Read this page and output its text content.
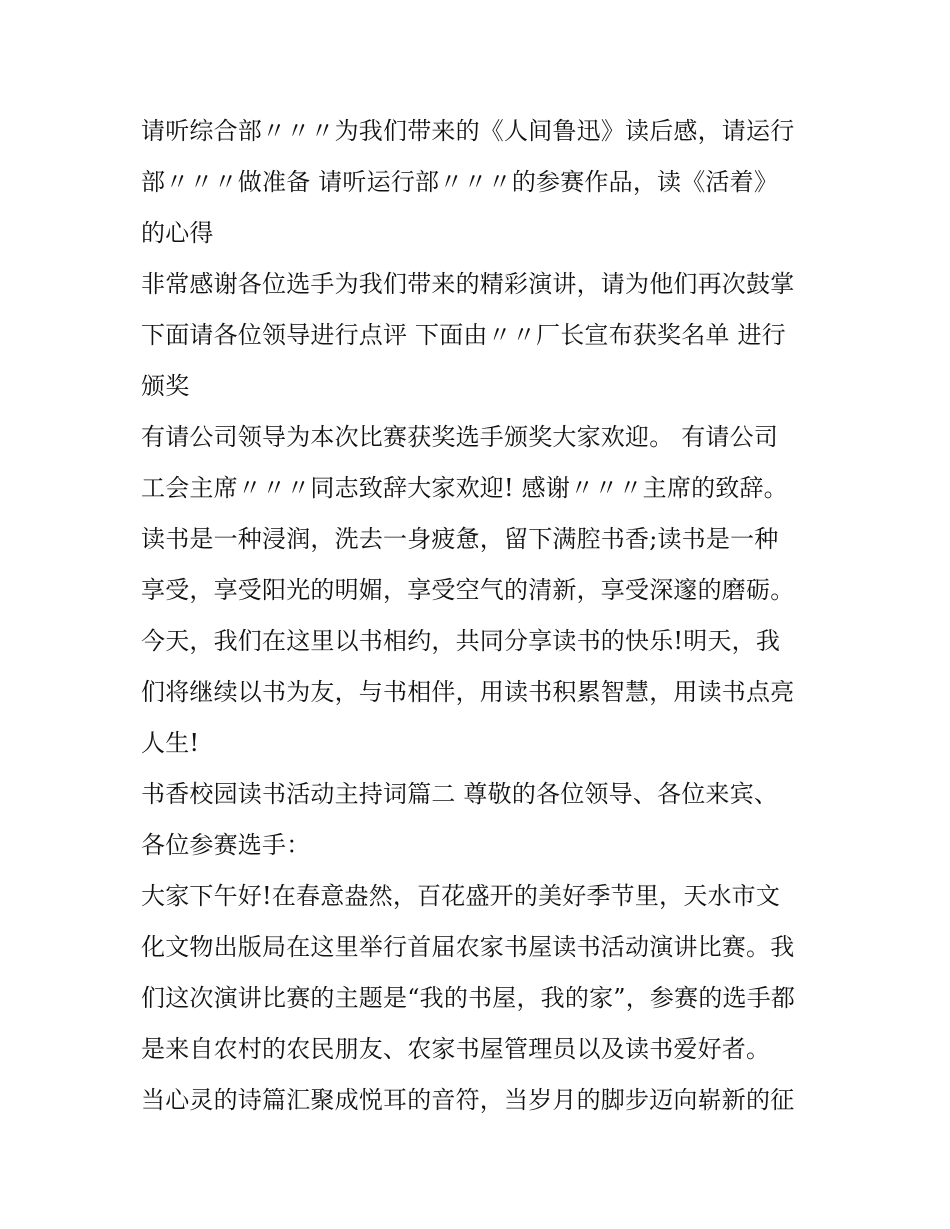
请听综合部〃〃〃为我们带来的《人间鲁迅》读后感，请运行
部〃〃〃做准备 请听运行部〃〃〃的参赛作品，读《活着》
的心得
非常感谢各位选手为我们带来的精彩演讲，请为他们再次鼓掌
下面请各位领导进行点评 下面由〃〃厂长宣布获奖名单 进行
颁奖
有请公司领导为本次比赛获奖选手颁奖大家欢迎。 有请公司
工会主席〃〃〃同志致辞大家欢迎! 感谢〃〃〃主席的致辞。
读书是一种浸润，洗去一身疲惫，留下满腔书香;读书是一种
享受，享受阳光的明媚，享受空气的清新，享受深邃的磨砺。
今天，我们在这里以书相约，共同分享读书的快乐!明天，我
们将继续以书为友，与书相伴，用读书积累智慧，用读书点亮
人生!
书香校园读书活动主持词篇二 尊敬的各位领导、各位来宾、
各位参赛选手：
大家下午好!在春意盎然，百花盛开的美好季节里，天水市文
化文物出版局在这里举行首届农家书屋读书活动演讲比赛。我
们这次演讲比赛的主题是“我的书屋，我的家”，参赛的选手都
是来自农村的农民朋友、农家书屋管理员以及读书爱好者。
当心灵的诗篇汇聚成悦耳的音符，当岁月的脚步迈向崭新的征
